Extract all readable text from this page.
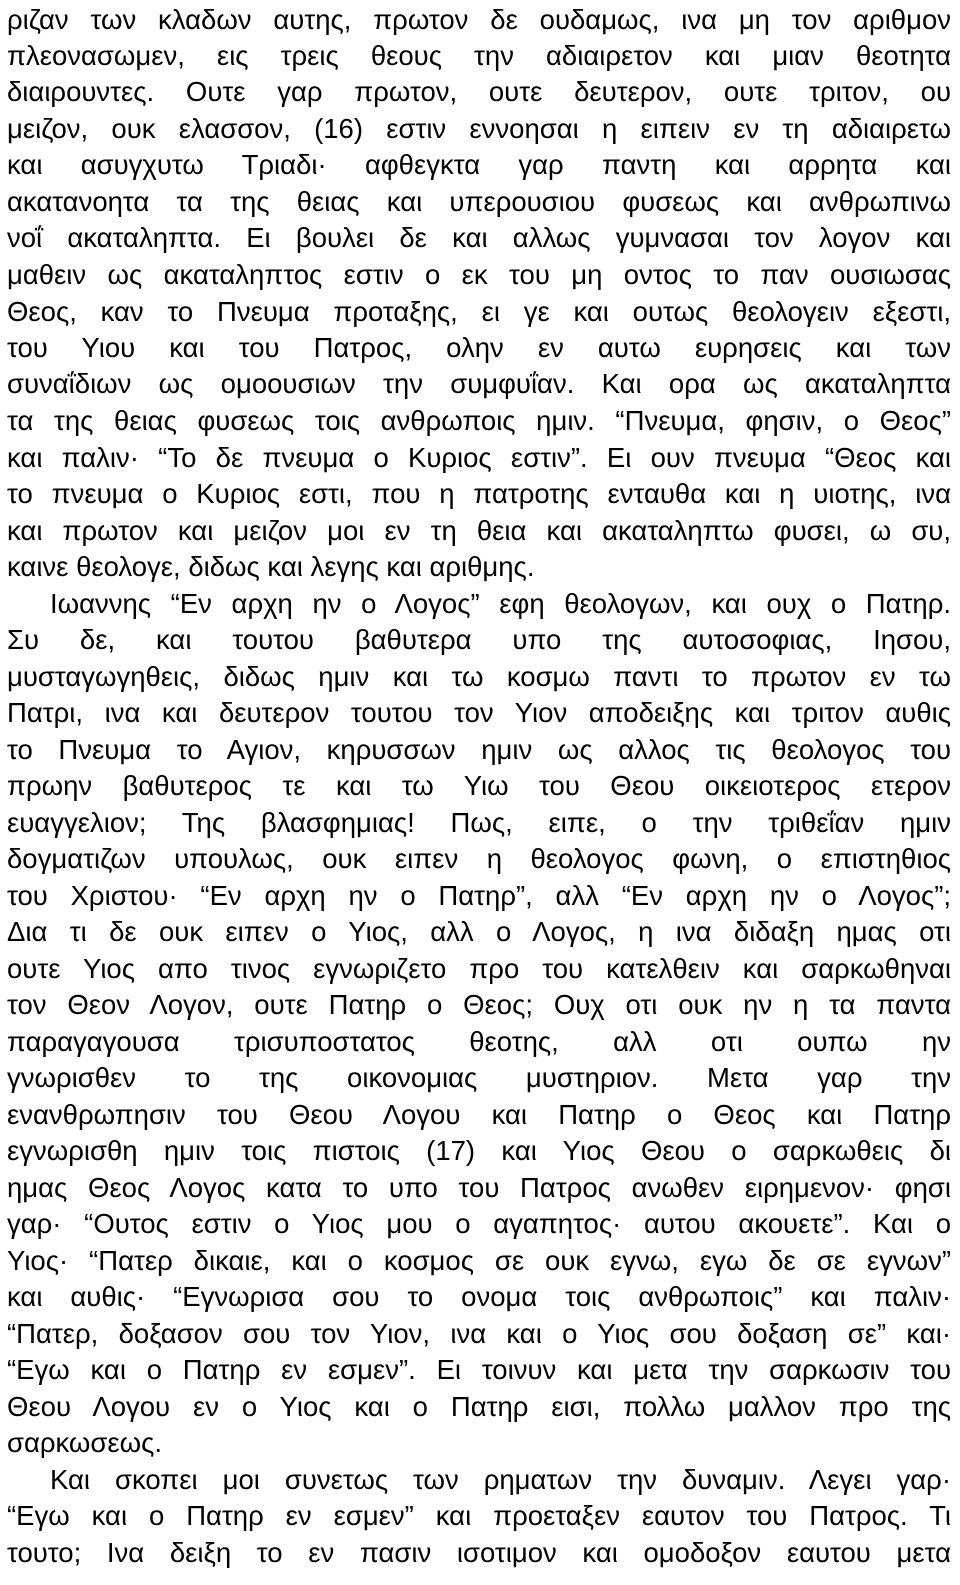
ριζαν των κλαδων αυτης, πρωτον δε ουδαμως, ινα μη τον αριθμον
πλεονασωμεν, εις τρεις θεους την αδιαιρετον και μιαν θεοτητα
διαιρουντες. Ουτε γαρ πρωτον, ουτε δευτερον, ουτε τριτον, ου
μειζον, ουκ ελασσον, (16) εστιν εννοησαι η ειπειν εν τη αδιαιρετω
και ασυγχυτω Τριαδι· αφθεγκτα γαρ παντη και αρρητα και
ακατανοητα τα της θειας και υπερουσιου φυσεως και ανθρωπινω
νοΐ ακαταληπτα. Ει βουλει δε και αλλως γυμνασαι τον λογον και
μαθειν ως ακαταληπτος εστιν ο εκ του μη οντος το παν ουσιωσας
Θεος, καν το Πνευμα προταξης, ει γε και ουτως θεολογειν εξεστι,
του Υιου και του Πατρος, ολην εν αυτω ευρησεις και των
συναΐδιων ως ομοουσιων την συμφυΐαν. Και ορα ως ακαταληπτα
τα της θειας φυσεως τοις ανθρωποις ημιν. “Πνευμα, φησιν, ο Θεος”
και παλιν· “Το δε πνευμα ο Κυριος εστιν”. Ει ουν πνευμα “Θεος και
το πνευμα ο Κυριος εστι, που η πατροτης ενταυθα και η υιοτης, ινα
και πρωτον και μειζον μοι εν τη θεια και ακαταληπτω φυσει, ω συ,
καινε θεολογε, διδως και λεγης και αριθμης.
Ιωαννης “Εν αρχη ην ο Λογος” εφη θεολογων, και ουχ ο Πατηρ.
Συ δε, και τουτου βαθυτερα υπο της αυτοσοφιας, Ιησου,
μυσταγωγηθεις, διδως ημιν και τω κοσμω παντι το πρωτον εν τω
Πατρι, ινα και δευτερον τουτου τον Υιον αποδειξης και τριτον αυθις
το Πνευμα το Αγιον, κηρυσσων ημιν ως αλλος τις θεολογος του
πρωην βαθυτερος τε και τω Υιω του Θεου οικειοτερος ετερον
ευαγγελιον; Της βλασφημιας! Πως, ειπε, ο την τριθεΐαν ημιν
δογματιζων υπουλως, ουκ ειπεν η θεολογος φωνη, ο επιστηθιος
του Χριστου· “Εν αρχη ην ο Πατηρ”, αλλ “Εν αρχη ην ο Λογος”;
Δια τι δε ουκ ειπεν ο Υιος, αλλ ο Λογος, η ινα διδαξη ημας οτι
ουτε Υιος απο τινος εγνωριζετο προ του κατελθειν και σαρκωθηναι
τον Θεον Λογον, ουτε Πατηρ ο Θεος; Ουχ οτι ουκ ην η τα παντα
παραγαγουσα τρισυποστατος θεοτης, αλλ οτι ουπω ην
γνωρισθεν το της οικονομιας μυστηριον. Μετα γαρ την
ενανθρωπησιν του Θεου Λογου και Πατηρ ο Θεος και Πατηρ
εγνωρισθη ημιν τοις πιστοις (17) και Υιος Θεου ο σαρκωθεις δι
ημας Θεος Λογος κατα το υπο του Πατρος ανωθεν ειρημενον· φησι
γαρ· “Ουτος εστιν ο Υιος μου ο αγαπητος· αυτου ακουετε”. Και ο
Υιος· “Πατερ δικαιε, και ο κοσμος σε ουκ εγνω, εγω δε σε εγνων”
και αυθις· “Εγνωρισα σου το ονομα τοις ανθρωποις” και παλιν·
“Πατερ, δοξασον σου τον Υιον, ινα και ο Υιος σου δοξαση σε” και·
“Εγω και ο Πατηρ εν εσμεν”. Ει τοινυν και μετα την σαρκωσιν του
Θεου Λογου εν ο Υιος και ο Πατηρ εισι, πολλω μαλλον προ της
σαρκωσεως.
Και σκοπει μοι συνετως των ρηματων την δυναμιν. Λεγει γαρ·
“Εγω και ο Πατηρ εν εσμεν” και προεταξεν εαυτον του Πατρος. Τι
τουτο; Ινα δειξη το εν πασιν ισοτιμον και ομοδοξον εαυτου μετα
